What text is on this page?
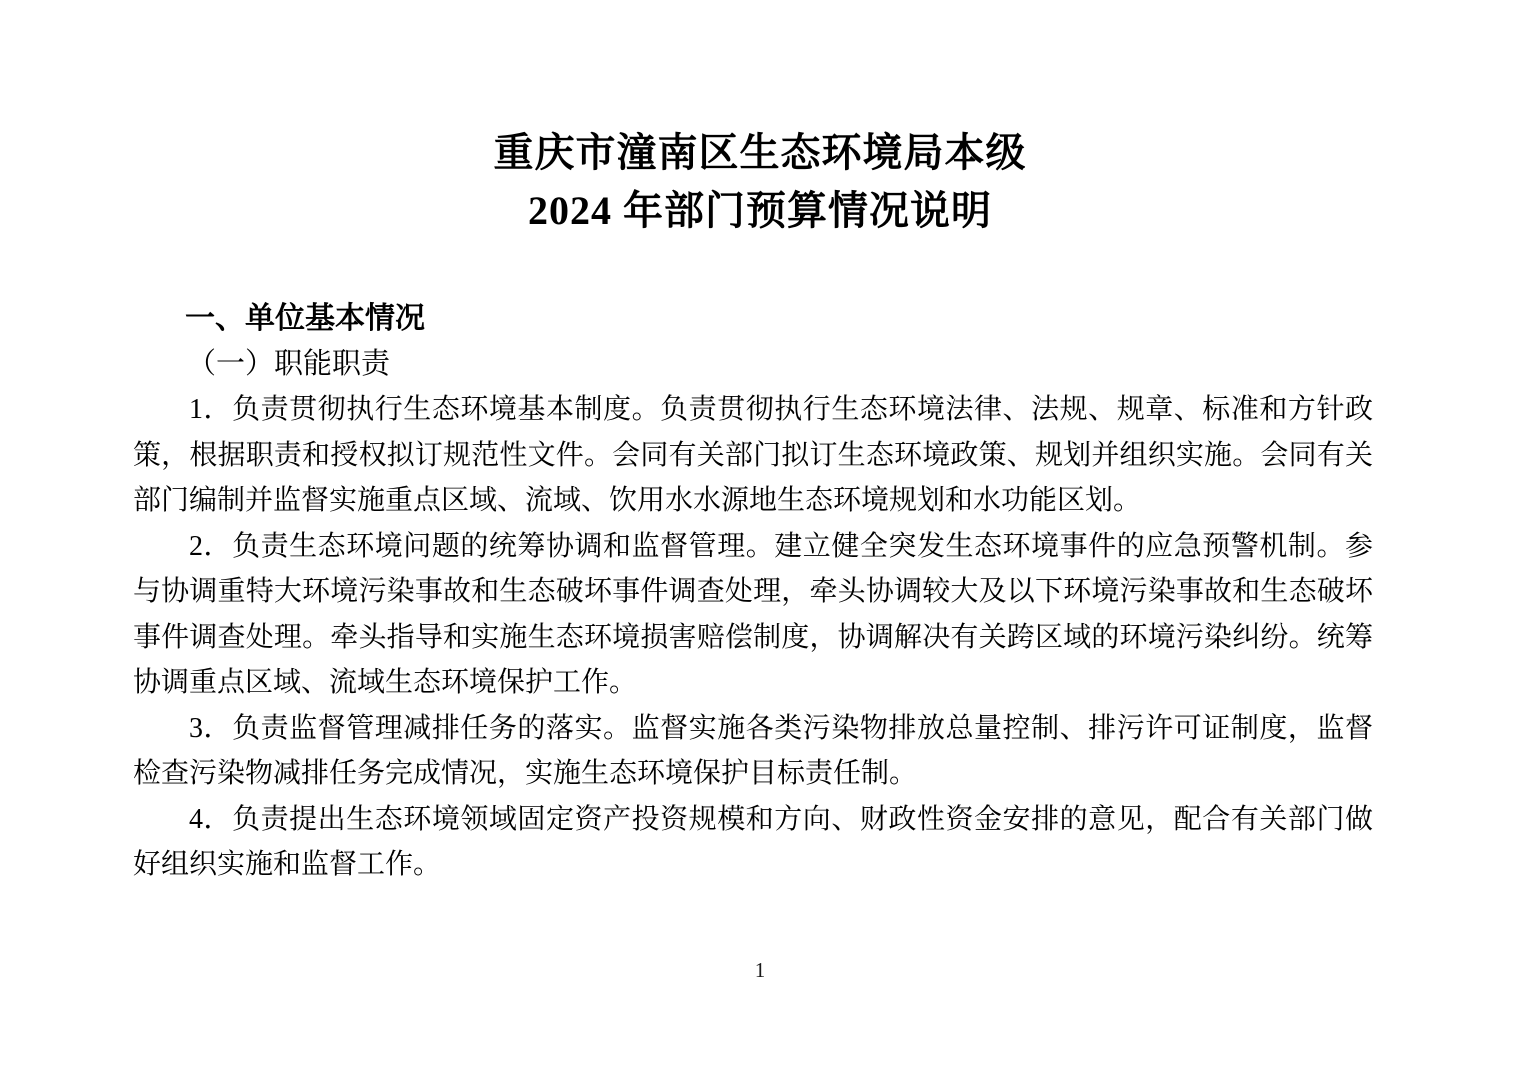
重庆市潼南区生态环境局本级
2024 年部门预算情况说明
一、单位基本情况
（一）职能职责

1．负责贯彻执行生态环境基本制度。负责贯彻执行生态环境法律、法规、规章、标准和方针政策，根据职责和授权拟订规范性文件。会同有关部门拟订生态环境政策、规划并组织实施。会同有关部门编制并监督实施重点区域、流域、饮用水水源地生态环境规划和水功能区划。

2．负责生态环境问题的统筹协调和监督管理。建立健全突发生态环境事件的应急预警机制。参与协调重特大环境污染事故和生态破坏事件调查处理，牵头协调较大及以下环境污染事故和生态破坏事件调查处理。牵头指导和实施生态环境损害赔偿制度，协调解决有关跨区域的环境污染纠纷。统筹协调重点区域、流域生态环境保护工作。

3．负责监督管理减排任务的落实。监督实施各类污染物排放总量控制、排污许可证制度，监督检查污染物减排任务完成情况，实施生态环境保护目标责任制。

4．负责提出生态环境领域固定资产投资规模和方向、财政性资金安排的意见，配合有关部门做好组织实施和监督工作。

1
